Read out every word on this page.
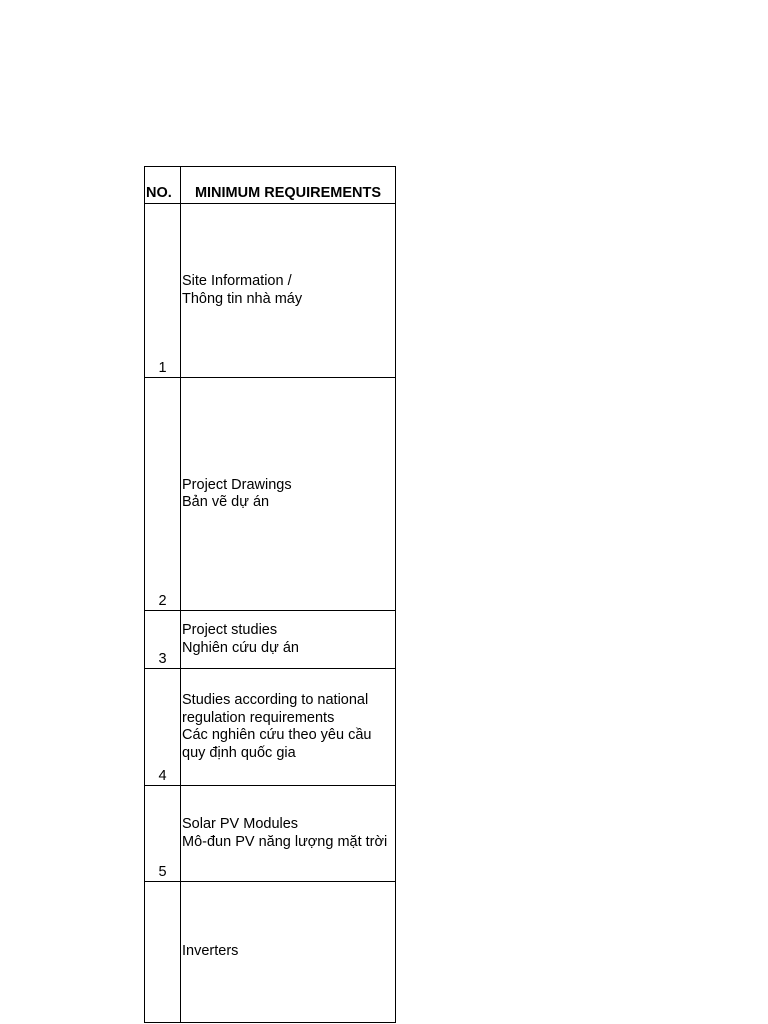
NO.	MINIMUM REQUIREMENTS
1	Site Information /
Thông tin nhà máy

2	Project Drawings
Bản vẽ dự án

3	Project studies
Nghiên cứu dự án

4	Studies according to national regulation requirements
Các nghiên cứu theo yêu cầu quy định quốc gia

5	Solar PV Modules
Mô-đun PV năng lượng mặt trời

	Inverters
